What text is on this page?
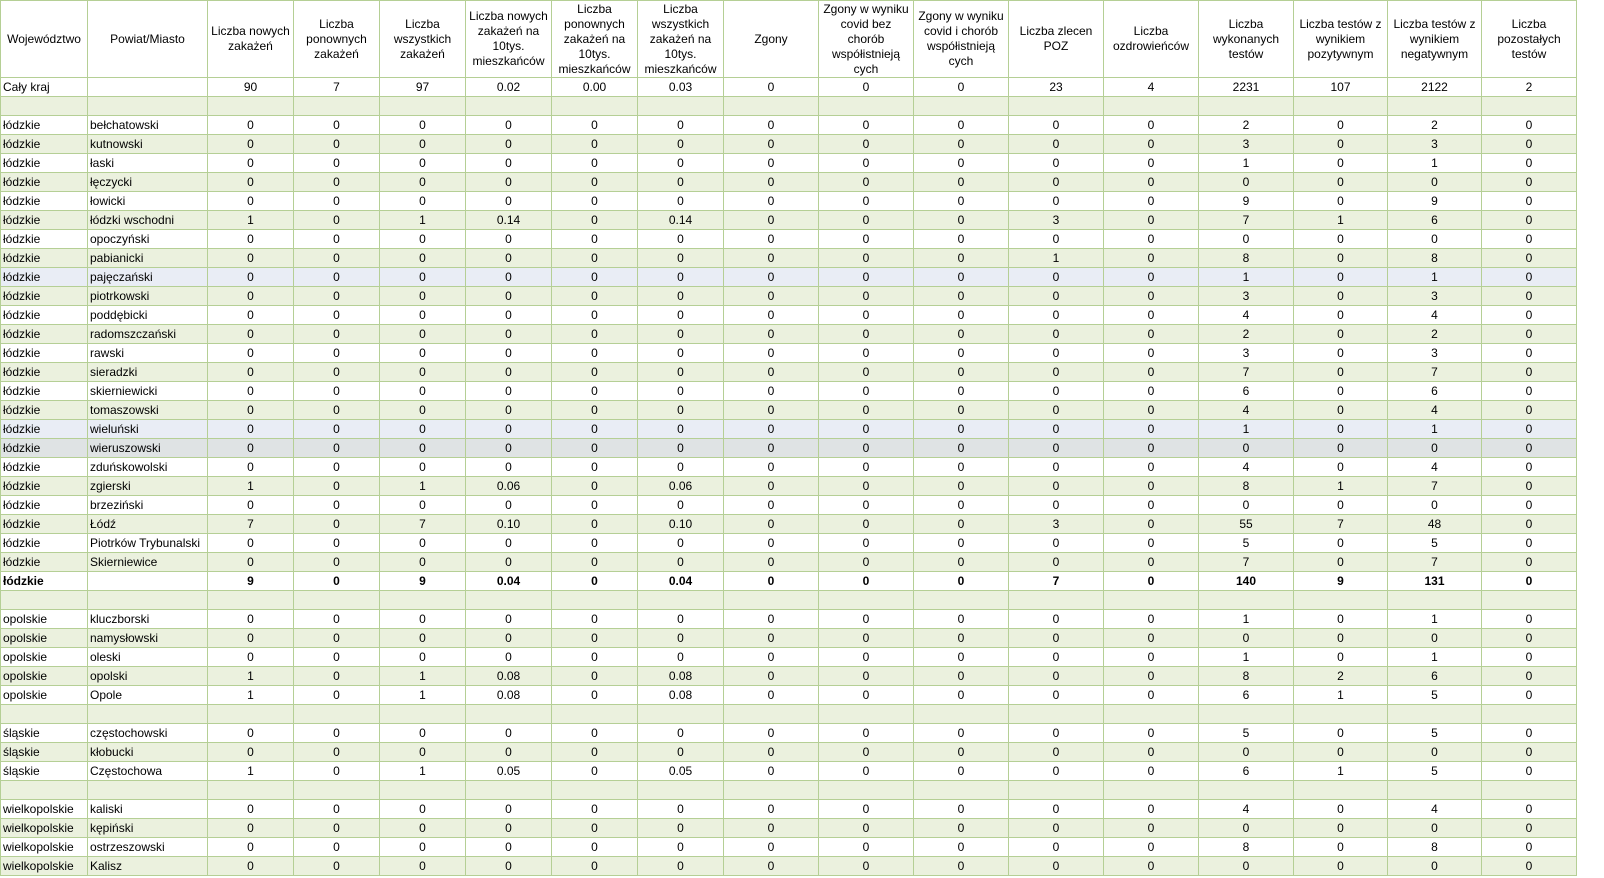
Województwo	Powiat/Miasto	Liczba nowych zakażeń	Liczba ponownych zakażeń	Liczba wszystkich zakażeń	Liczba nowych zakażeń na 10tys. mieszkańców	Liczba ponownych zakażeń na 10tys. mieszkańców	Liczba wszystkich zakażeń na 10tys. mieszkańców	Zgony	Zgony w wyniku covid bez chorób współistnieją cych	Zgony w wyniku covid i chorób współistnieją cych	Liczba zlecen POZ	Liczba ozdrowieńców	Liczba wykonanych testów	Liczba testów z wynikiem pozytywnym	Liczba testów z wynikiem negatywnym	Liczba pozostałych testów
Cały kraj		90	7	97	0.02	0.00	0.03	0	0	0	23	4	2231	107	2122	2

łódzkie	bełchatowski	0	0	0	0	0	0	0	0	0	0	0	2	0	2	0
łódzkie	kutnowski	0	0	0	0	0	0	0	0	0	0	0	3	0	3	0
łódzkie	łaski	0	0	0	0	0	0	0	0	0	0	0	1	0	1	0
łódzkie	łęczycki	0	0	0	0	0	0	0	0	0	0	0	0	0	0	0
łódzkie	łowicki	0	0	0	0	0	0	0	0	0	0	0	9	0	9	0
łódzkie	łódzki wschodni	1	0	1	0.14	0	0.14	0	0	0	3	0	7	1	6	0
łódzkie	opoczyński	0	0	0	0	0	0	0	0	0	0	0	0	0	0	0
łódzkie	pabianicki	0	0	0	0	0	0	0	0	0	1	0	8	0	8	0
łódzkie	pajęczański	0	0	0	0	0	0	0	0	0	0	0	1	0	1	0
łódzkie	piotrkowski	0	0	0	0	0	0	0	0	0	0	0	3	0	3	0
łódzkie	poddębicki	0	0	0	0	0	0	0	0	0	0	0	4	0	4	0
łódzkie	radomszczański	0	0	0	0	0	0	0	0	0	0	0	2	0	2	0
łódzkie	rawski	0	0	0	0	0	0	0	0	0	0	0	3	0	3	0
łódzkie	sieradzki	0	0	0	0	0	0	0	0	0	0	0	7	0	7	0
łódzkie	skierniewicki	0	0	0	0	0	0	0	0	0	0	0	6	0	6	0
łódzkie	tomaszowski	0	0	0	0	0	0	0	0	0	0	0	4	0	4	0
łódzkie	wieluński	0	0	0	0	0	0	0	0	0	0	0	1	0	1	0
łódzkie	wieruszowski	0	0	0	0	0	0	0	0	0	0	0	0	0	0	0
łódzkie	zduńskowolski	0	0	0	0	0	0	0	0	0	0	0	4	0	4	0
łódzkie	zgierski	1	0	1	0.06	0	0.06	0	0	0	0	0	8	1	7	0
łódzkie	brzeziński	0	0	0	0	0	0	0	0	0	0	0	0	0	0	0
łódzkie	Łódź	7	0	7	0.10	0	0.10	0	0	0	3	0	55	7	48	0
łódzkie	Piotrków Trybunalski	0	0	0	0	0	0	0	0	0	0	0	5	0	5	0
łódzkie	Skierniewice	0	0	0	0	0	0	0	0	0	0	0	7	0	7	0
łódzkie		9	0	9	0.04	0	0.04	0	0	0	7	0	140	9	131	0

opolskie	kluczborski	0	0	0	0	0	0	0	0	0	0	0	1	0	1	0
opolskie	namysłowski	0	0	0	0	0	0	0	0	0	0	0	0	0	0	0
opolskie	oleski	0	0	0	0	0	0	0	0	0	0	0	1	0	1	0
opolskie	opolski	1	0	1	0.08	0	0.08	0	0	0	0	0	8	2	6	0
opolskie	Opole	1	0	1	0.08	0	0.08	0	0	0	0	0	6	1	5	0

śląskie	częstochowski	0	0	0	0	0	0	0	0	0	0	0	5	0	5	0
śląskie	kłobucki	0	0	0	0	0	0	0	0	0	0	0	0	0	0	0
śląskie	Częstochowa	1	0	1	0.05	0	0.05	0	0	0	0	0	6	1	5	0

wielkopolskie	kaliski	0	0	0	0	0	0	0	0	0	0	0	4	0	4	0
wielkopolskie	kępiński	0	0	0	0	0	0	0	0	0	0	0	0	0	0	0
wielkopolskie	ostrzeszowski	0	0	0	0	0	0	0	0	0	0	0	8	0	8	0
wielkopolskie	Kalisz	0	0	0	0	0	0	0	0	0	0	0	0	0	0	0
